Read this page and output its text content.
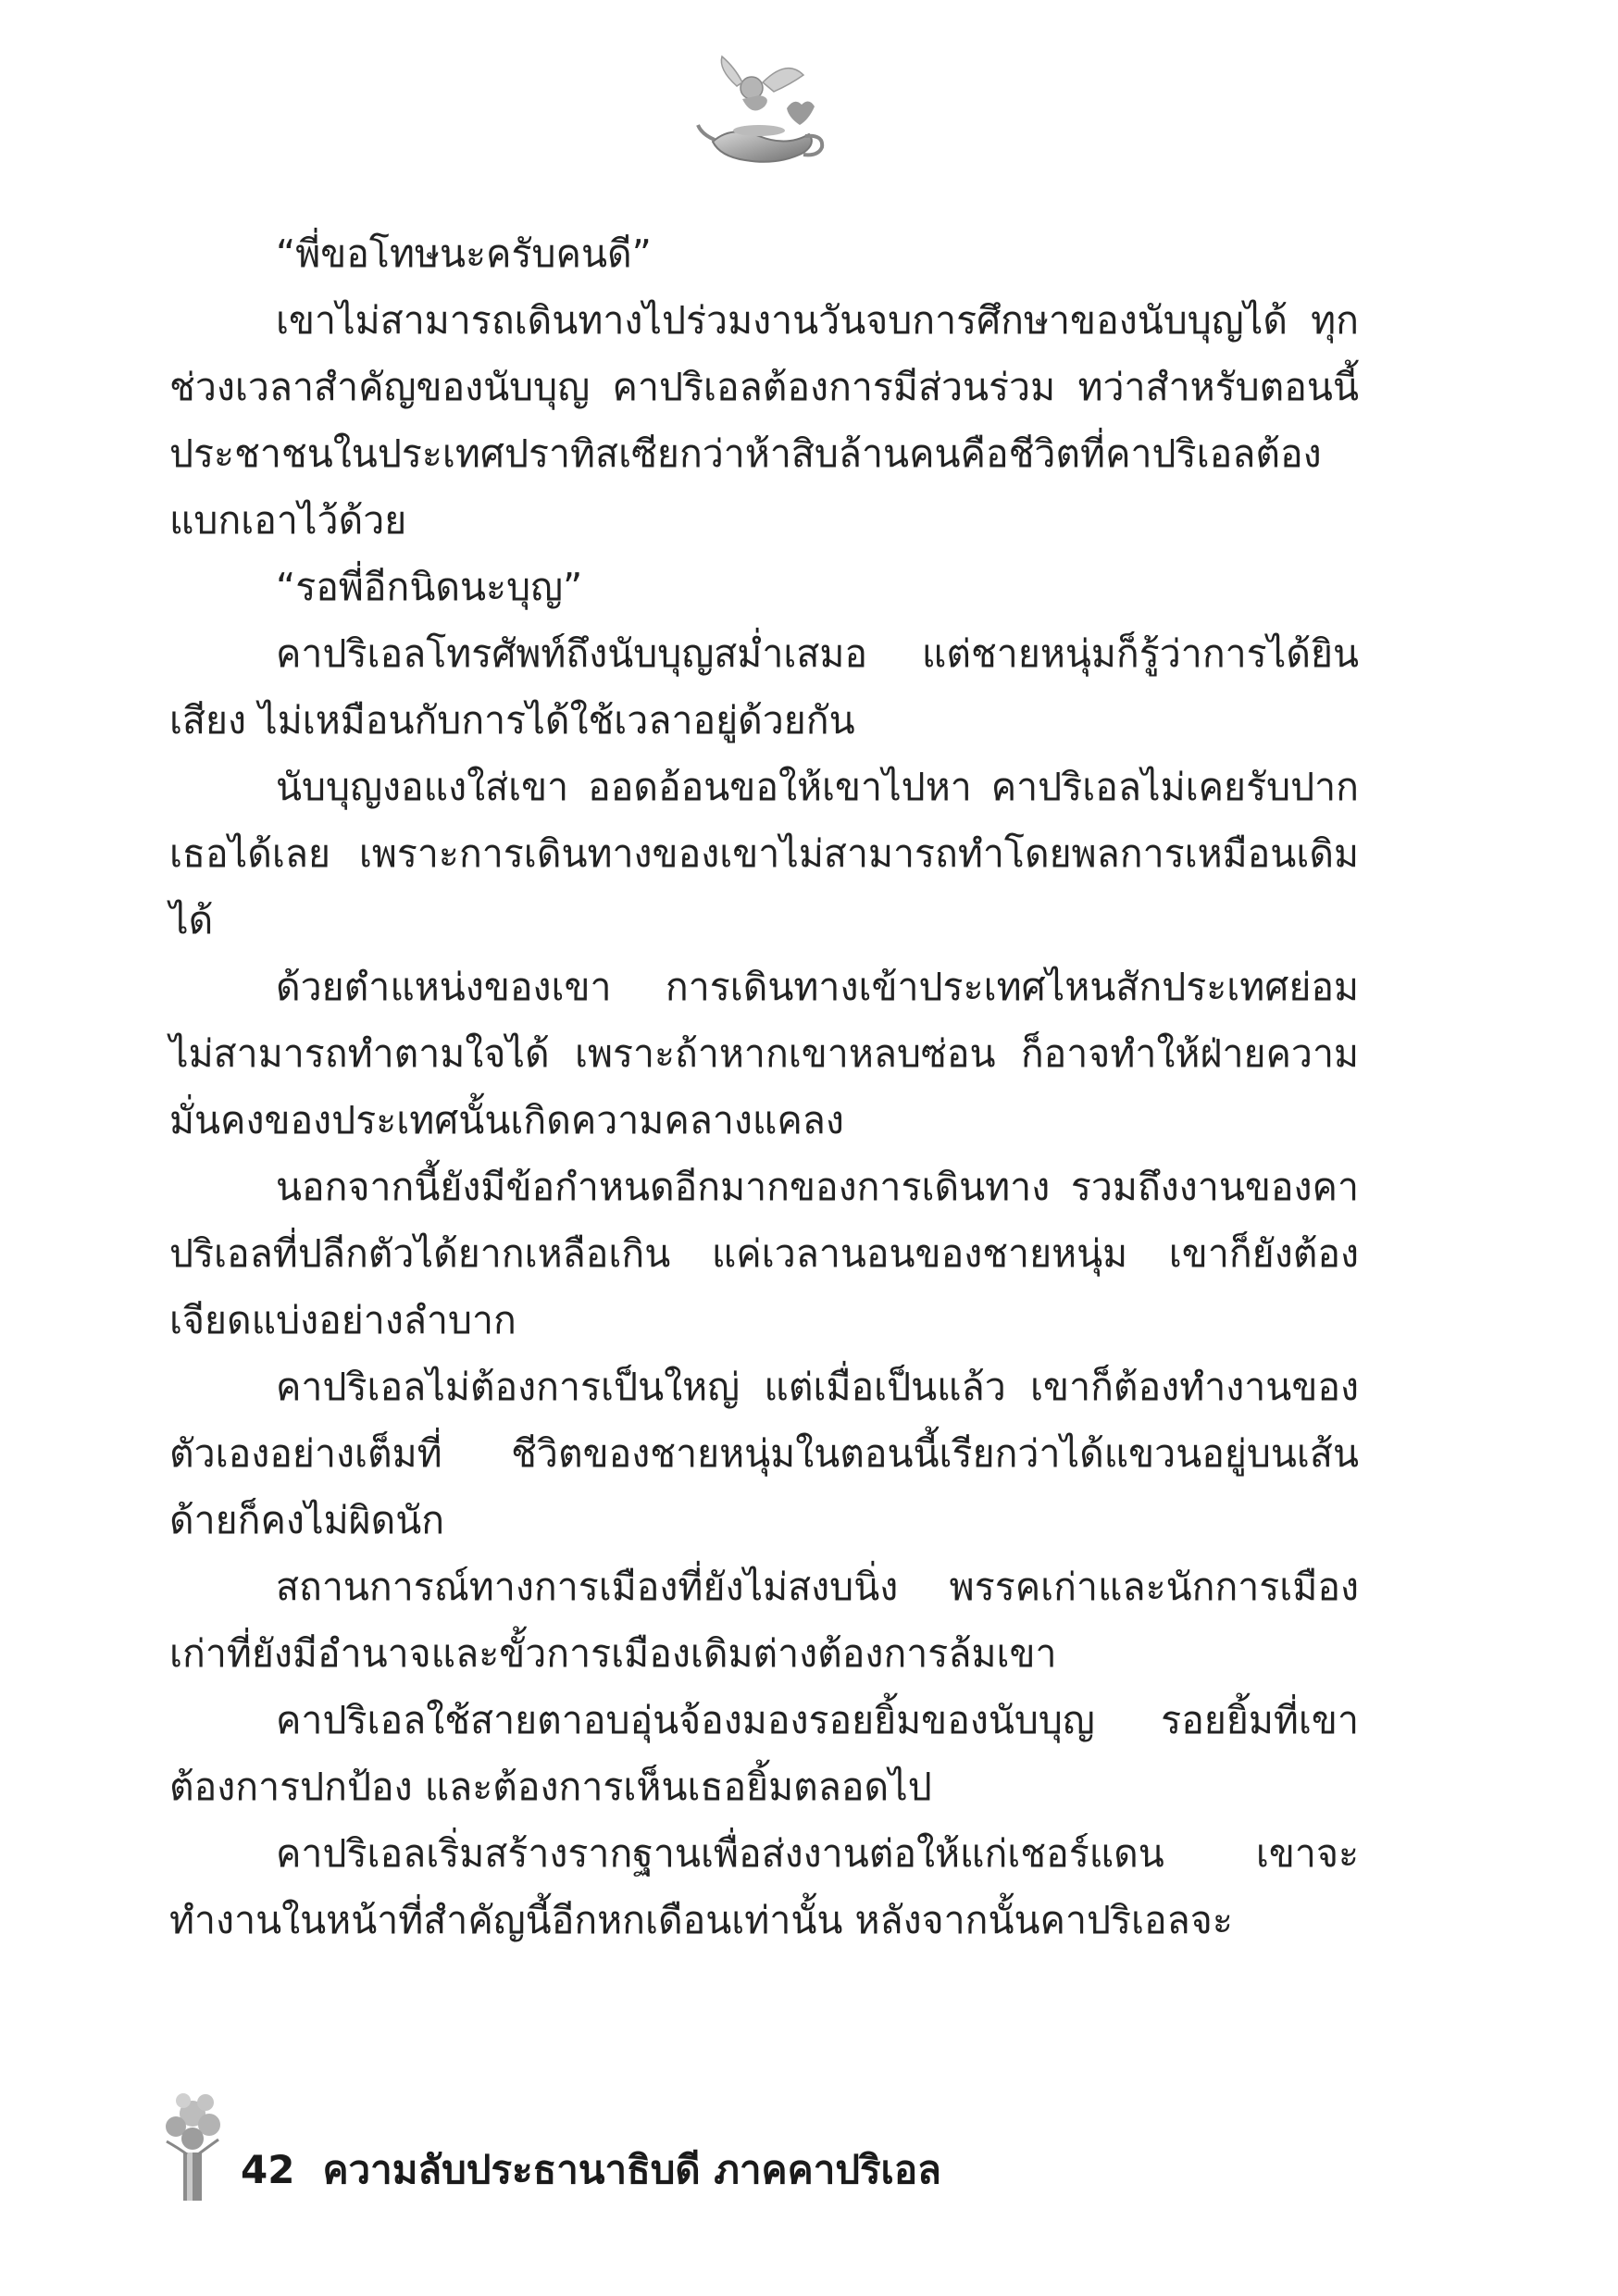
“พี่ขอโทษนะครับคนดี”

เขาไม่สามารถเดินทางไปร่วมงานวันจบการศึกษาของนับบุญได้ ทุกช่วงเวลาสำคัญของนับบุญ คาปริเอลต้องการมีส่วนร่วม ทว่าสำหรับตอนนี้ ประชาชนในประเทศปราทิสเซียกว่าห้าสิบล้านคนคือชีวิตที่คาปริเอลต้องแบกเอาไว้ด้วย

“รอพี่อีกนิดนะบุญ”

คาปริเอลโทรศัพท์ถึงนับบุญสม่ำเสมอ แต่ชายหนุ่มก็รู้ว่าการได้ยินเสียง ไม่เหมือนกับการได้ใช้เวลาอยู่ด้วยกัน

นับบุญงอแงใส่เขา ออดอ้อนขอให้เขาไปหา คาปริเอลไม่เคยรับปากเธอได้เลย เพราะการเดินทางของเขาไม่สามารถทำโดยพลการเหมือนเดิมได้

ด้วยตำแหน่งของเขา การเดินทางเข้าประเทศไหนสักประเทศย่อมไม่สามารถทำตามใจได้ เพราะถ้าหากเขาหลบซ่อน ก็อาจทำให้ฝ่ายความมั่นคงของประเทศนั้นเกิดความคลางแคลง

นอกจากนี้ยังมีข้อกำหนดอีกมากของการเดินทาง รวมถึงงานของคาปริเอลที่ปลีกตัวได้ยากเหลือเกิน แค่เวลานอนของชายหนุ่ม เขาก็ยังต้องเจียดแบ่งอย่างลำบาก

คาปริเอลไม่ต้องการเป็นใหญ่ แต่เมื่อเป็นแล้ว เขาก็ต้องทำงานของตัวเองอย่างเต็มที่ ชีวิตของชายหนุ่มในตอนนี้เรียกว่าได้แขวนอยู่บนเส้นด้ายก็คงไม่ผิดนัก

สถานการณ์ทางการเมืองที่ยังไม่สงบนิ่ง พรรคเก่าและนักการเมืองเก่าที่ยังมีอำนาจและขั้วการเมืองเดิมต่างต้องการล้มเขา

คาปริเอลใช้สายตาอบอุ่นจ้องมองรอยยิ้มของนับบุญ รอยยิ้มที่เขาต้องการปกป้อง และต้องการเห็นเธอยิ้มตลอดไป

คาปริเอลเริ่มสร้างรากฐานเพื่อส่งงานต่อให้แก่เชอร์แดน เขาจะทำงานในหน้าที่สำคัญนี้อีกหกเดือนเท่านั้น หลังจากนั้นคาปริเอลจะ

42 ความลับประธานาธิบดี ภาคคาปริเอล
